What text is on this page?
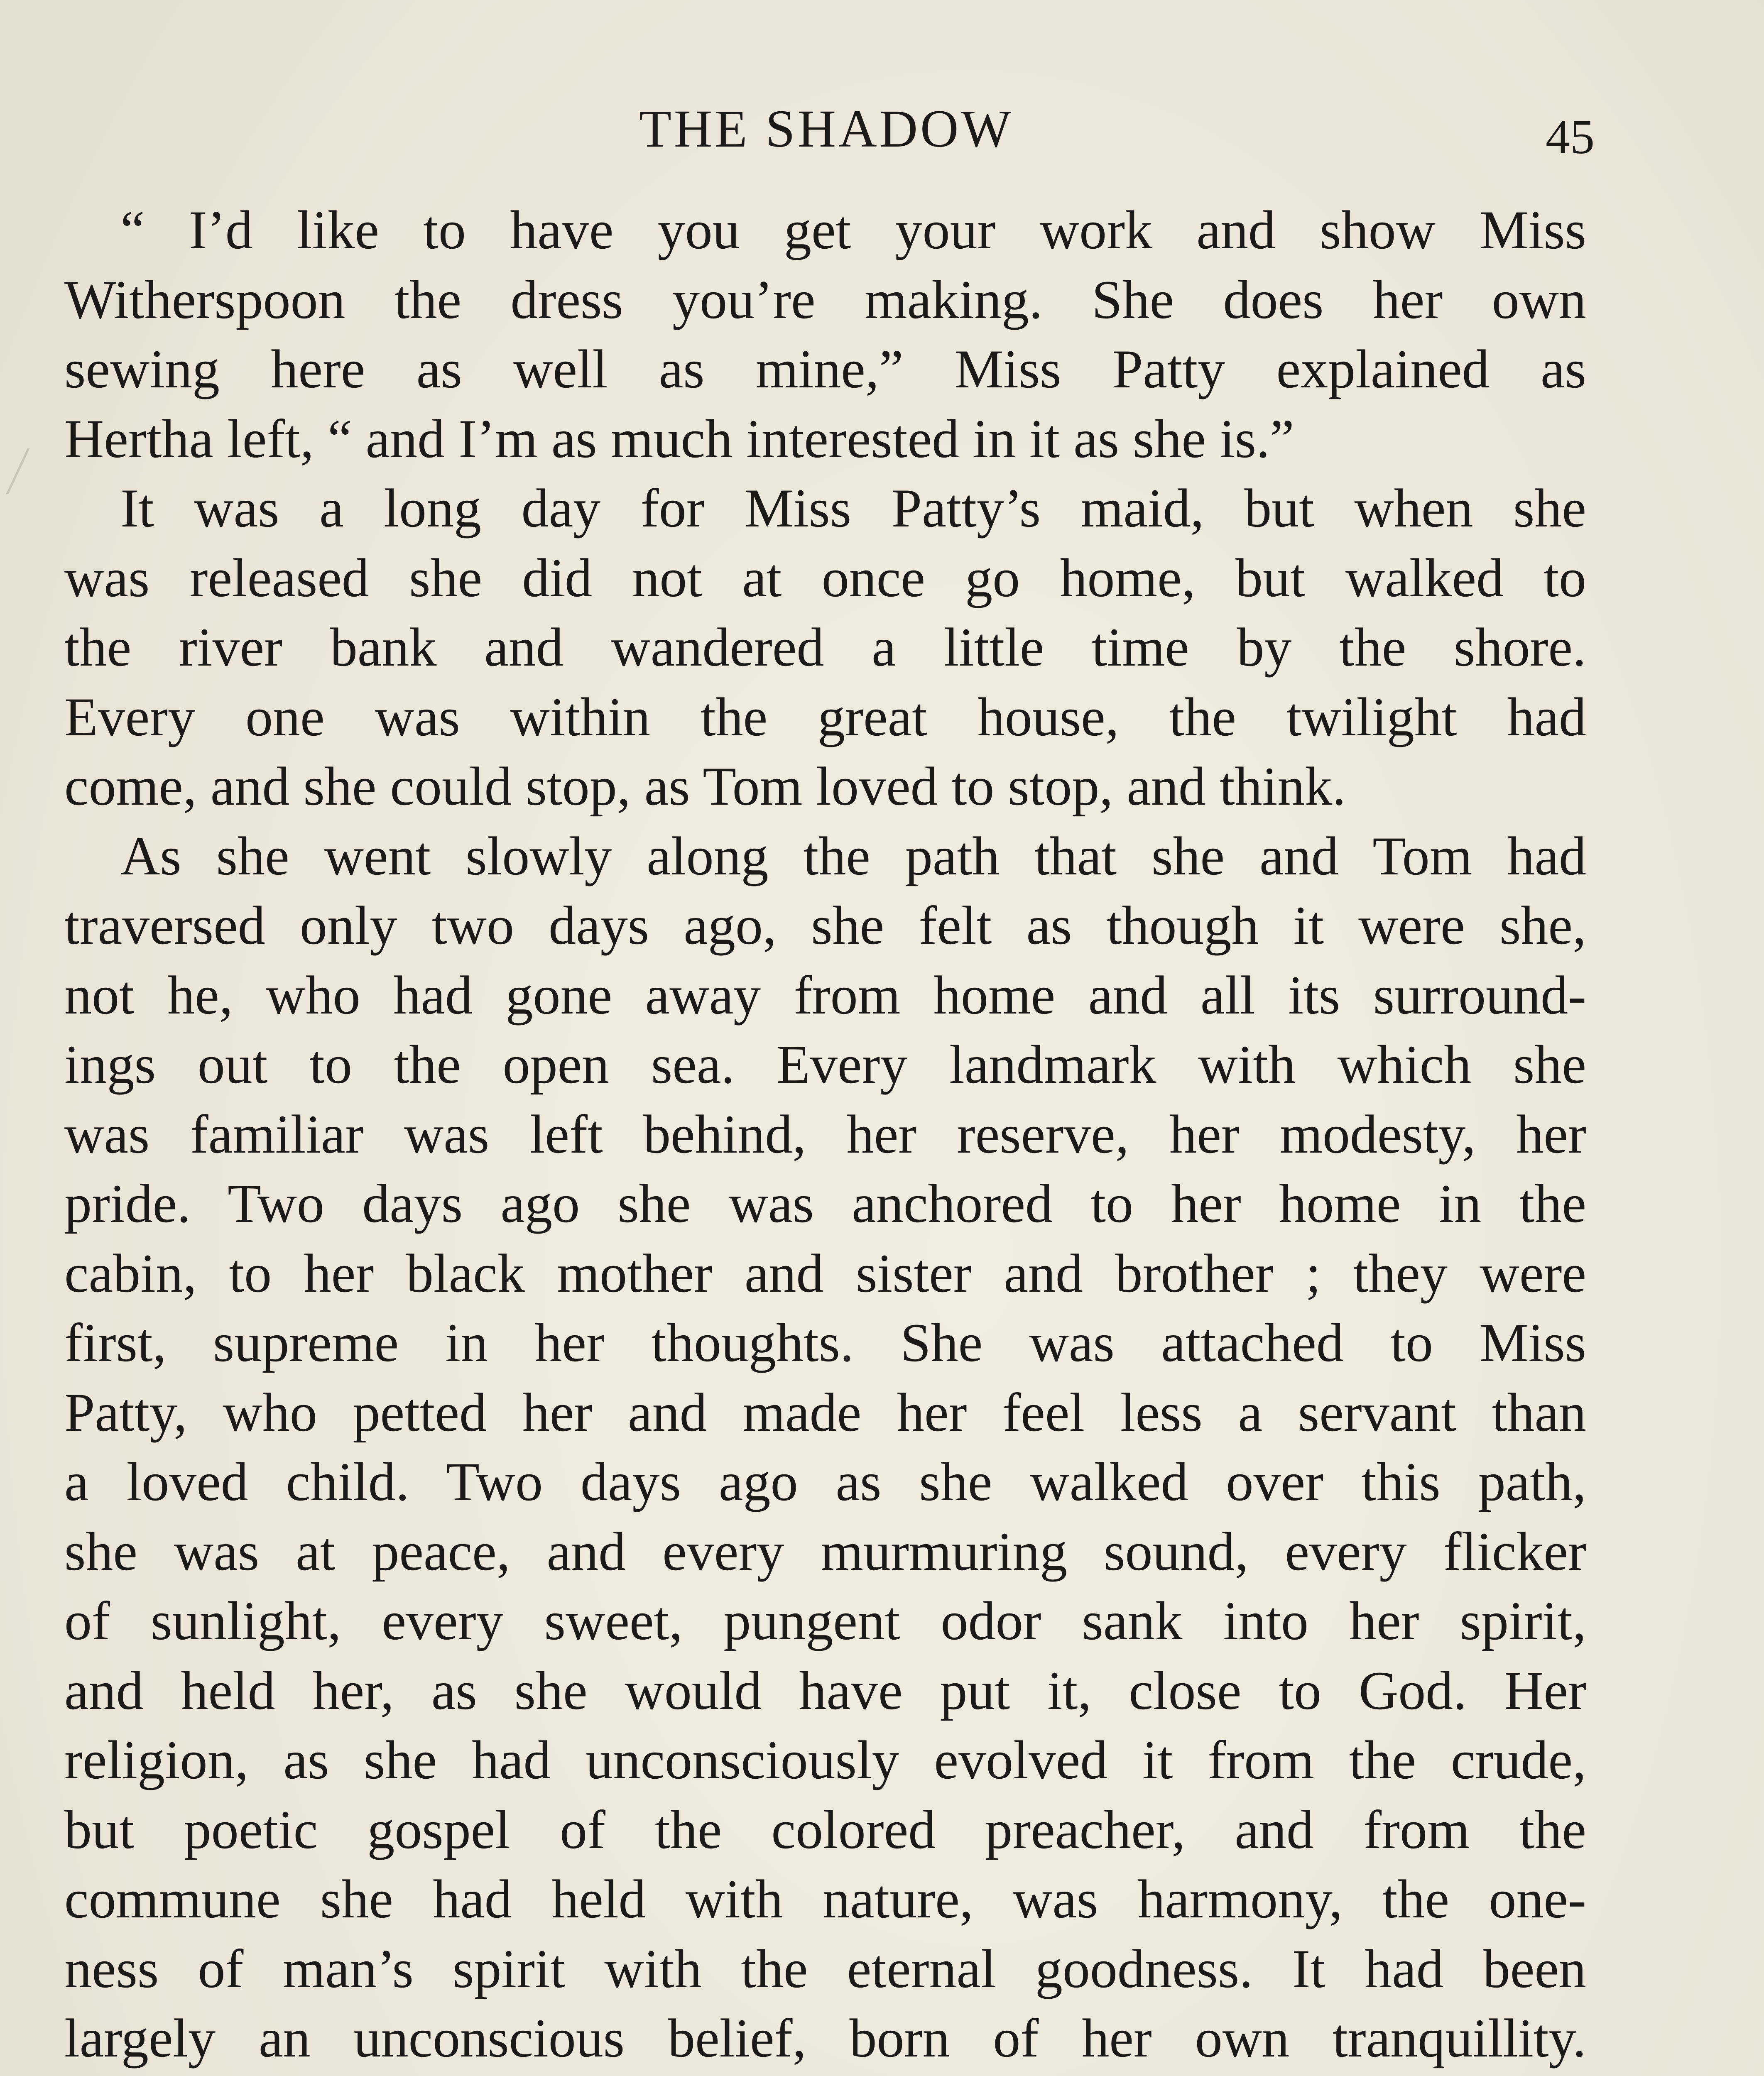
THE SHADOW	45
“ I’d like to have you get your work and show Miss
Witherspoon the dress you’re making. She does her own
sewing here as well as mine,” Miss Patty explained as
Hertha left, “ and I’m as much interested in it as she is.”
It was a long day for Miss Patty’s maid, but when she
was released she did not at once go home, but walked to
the river bank and wandered a little time by the shore.
Every one was within the great house, the twilight had
come, and she could stop, as Tom loved to stop, and think.
As she went slowly along the path that she and Tom had
traversed only two days ago, she felt as though it were she,
not he, who had gone away from home and all its surround-
ings out to the open sea. Every landmark with which she
was familiar was left behind, her reserve, her modesty, her
pride. Two days ago she was anchored to her home in the
cabin, to her black mother and sister and brother ; they were
first, supreme in her thoughts. She was attached to Miss
Patty, who petted her and made her feel less a servant than
a loved child. Two days ago as she walked over this path,
she was at peace, and every murmuring sound, every flicker
of sunlight, every sweet, pungent odor sank into her spirit,
and held her, as she would have put it, close to God. Her
religion, as she had unconsciously evolved it from the crude,
but poetic gospel of the colored preacher, and from the
commune she had held with nature, was harmony, the one-
ness of man’s spirit with the eternal goodness. It had been
largely an unconscious belief, born of her own tranquillity.
